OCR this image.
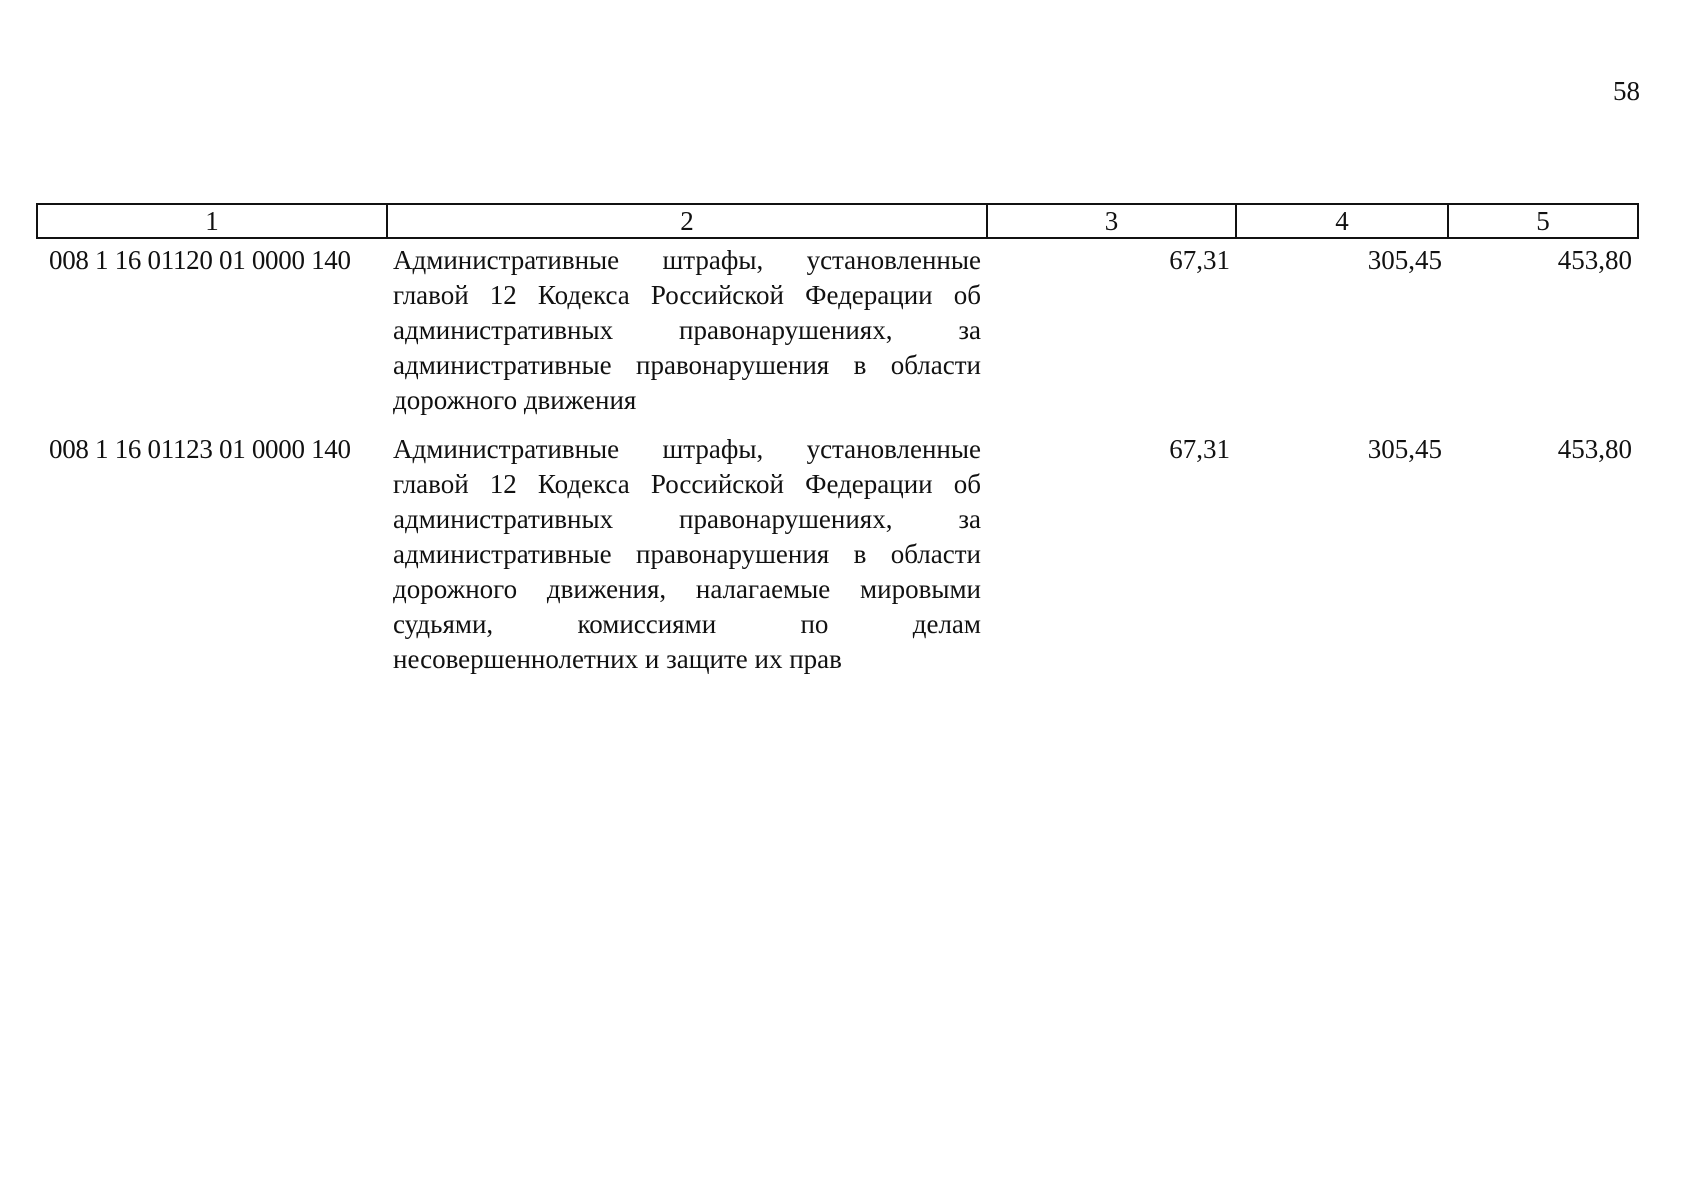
58
1	2	3	4	5
008 1 16 01120 01 0000 140	Административные штрафы, установленные главой 12 Кодекса Российской Федерации об административных правонарушениях, за административные правонарушения в области дорожного движения	67,31	305,45	453,80
008 1 16 01123 01 0000 140	Административные штрафы, установленные главой 12 Кодекса Российской Федерации об административных правонарушениях, за административные правонарушения в области дорожного движения, налагаемые мировыми судьями, комиссиями по делам несовершеннолетних и защите их прав	67,31	305,45	453,80
